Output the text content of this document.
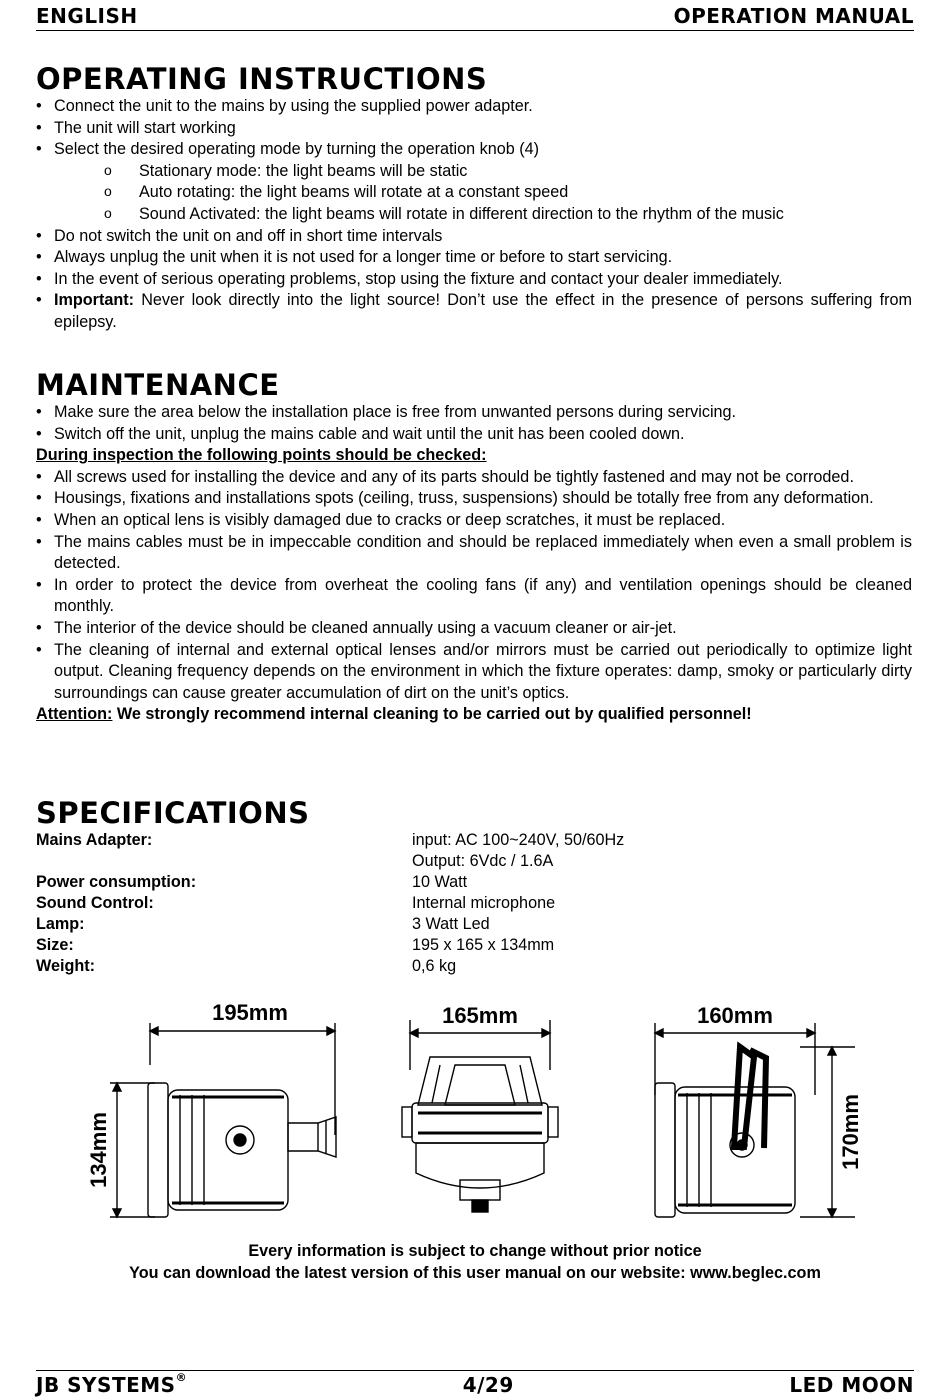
ENGLISH	OPERATION MANUAL
OPERATING INSTRUCTIONS
• Connect the unit to the mains by using the supplied power adapter.
• The unit will start working
• Select the desired operating mode by turning the operation knob (4)
o Stationary mode: the light beams will be static
o Auto rotating: the light beams will rotate at a constant speed
o Sound Activated: the light beams will rotate in different direction to the rhythm of the music
• Do not switch the unit on and off in short time intervals
• Always unplug the unit when it is not used for a longer time or before to start servicing.
• In the event of serious operating problems, stop using the fixture and contact your dealer immediately.
• Important: Never look directly into the light source! Don’t use the effect in the presence of persons suffering from epilepsy.
MAINTENANCE
• Make sure the area below the installation place is free from unwanted persons during servicing.
• Switch off the unit, unplug the mains cable and wait until the unit has been cooled down.
During inspection the following points should be checked:
• All screws used for installing the device and any of its parts should be tightly fastened and may not be corroded.
• Housings, fixations and installations spots (ceiling, truss, suspensions) should be totally free from any deformation.
• When an optical lens is visibly damaged due to cracks or deep scratches, it must be replaced.
• The mains cables must be in impeccable condition and should be replaced immediately when even a small problem is detected.
• In order to protect the device from overheat the cooling fans (if any) and ventilation openings should be cleaned monthly.
• The interior of the device should be cleaned annually using a vacuum cleaner or air-jet.
• The cleaning of internal and external optical lenses and/or mirrors must be carried out periodically to optimize light output. Cleaning frequency depends on the environment in which the fixture operates: damp, smoky or particularly dirty surroundings can cause greater accumulation of dirt on the unit’s optics.
Attention: We strongly recommend internal cleaning to be carried out by qualified personnel!
SPECIFICATIONS
Mains Adapter:	input: AC 100~240V, 50/60Hz
	Output: 6Vdc / 1.6A
Power consumption:	10 Watt
Sound Control:	Internal microphone
Lamp:	3 Watt Led
Size:	195 x 165 x 134mm
Weight:	0,6 kg
195mm
134mm
165mm	160mm
170mm
Every information is subject to change without prior notice
You can download the latest version of this user manual on our website: www.beglec.com
JB SYSTEMS®	4/29	LED MOON
